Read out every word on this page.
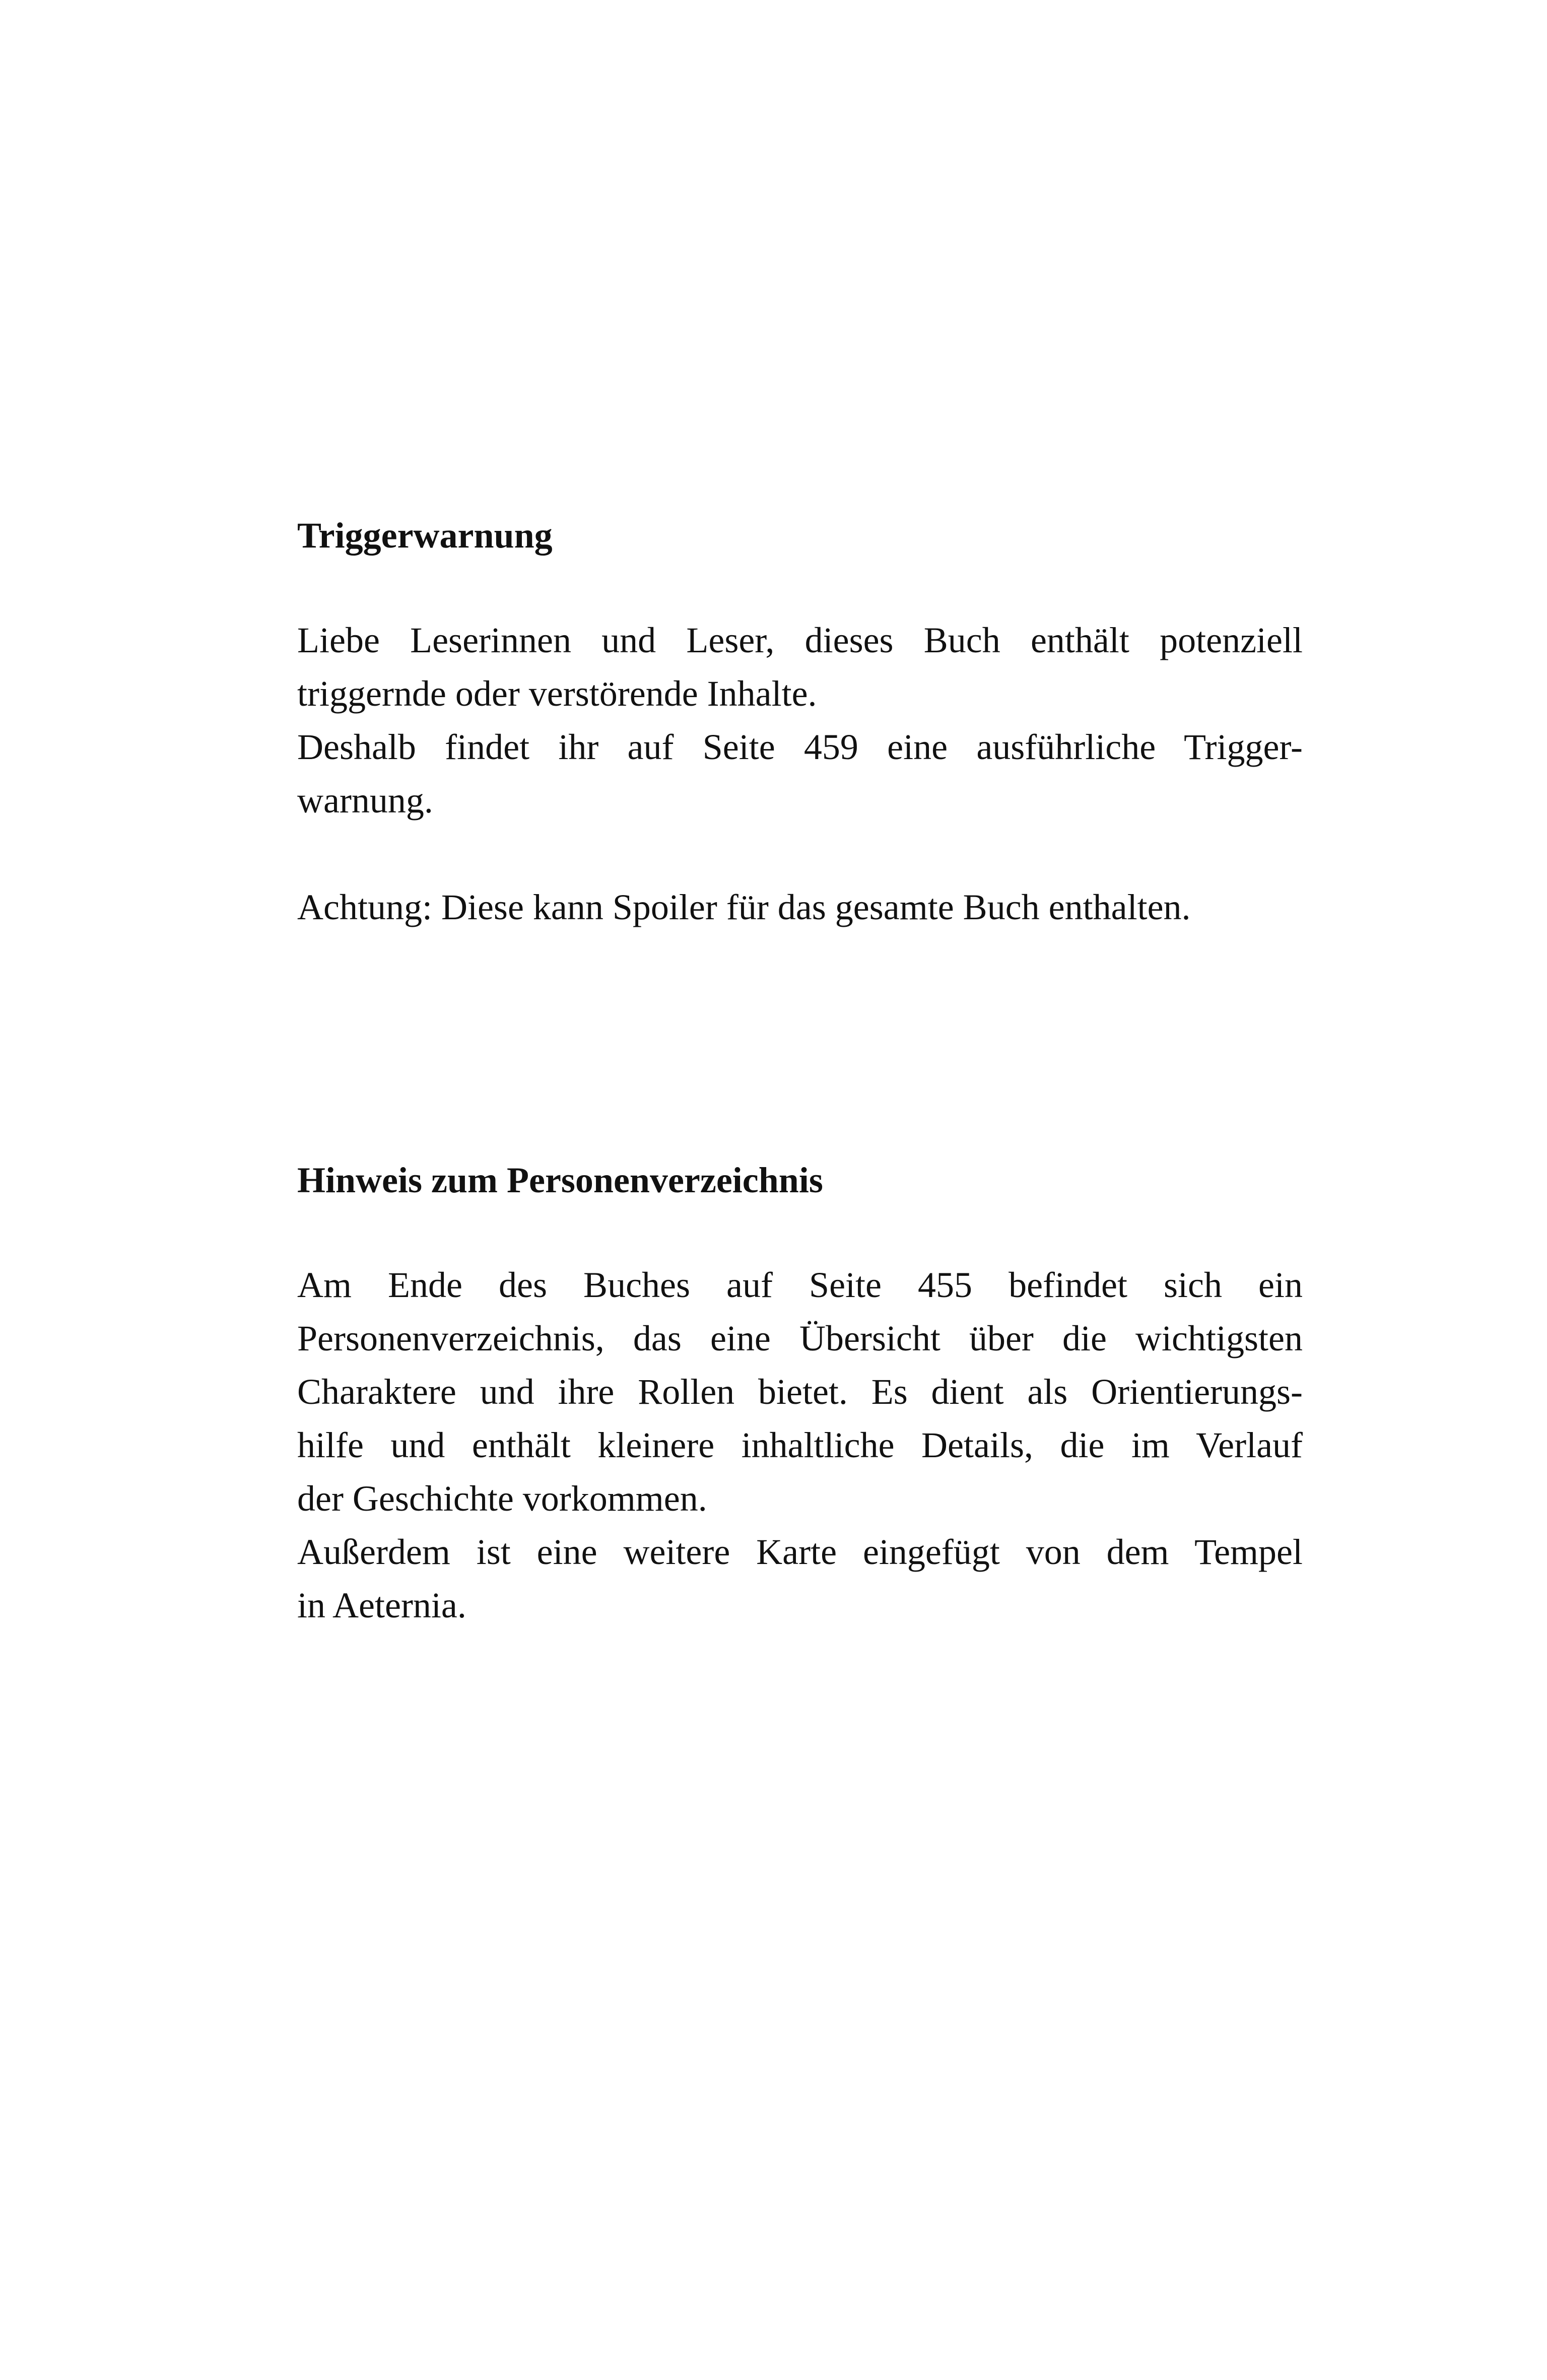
Triggerwarnung

Liebe Leserinnen und Leser, dieses Buch enthält potenziell
triggernde oder verstörende Inhalte.
Deshalb findet ihr auf Seite 459 eine ausführliche Trigger-
warnung.

Achtung: Diese kann Spoiler für das gesamte Buch enthalten.

Hinweis zum Personenverzeichnis

Am Ende des Buches auf Seite 455 befindet sich ein
Personenverzeichnis, das eine Übersicht über die wichtigsten
Charaktere und ihre Rollen bietet. Es dient als Orientierungs-
hilfe und enthält kleinere inhaltliche Details, die im Verlauf
der Geschichte vorkommen.
Außerdem ist eine weitere Karte eingefügt von dem Tempel
in Aeternia.
